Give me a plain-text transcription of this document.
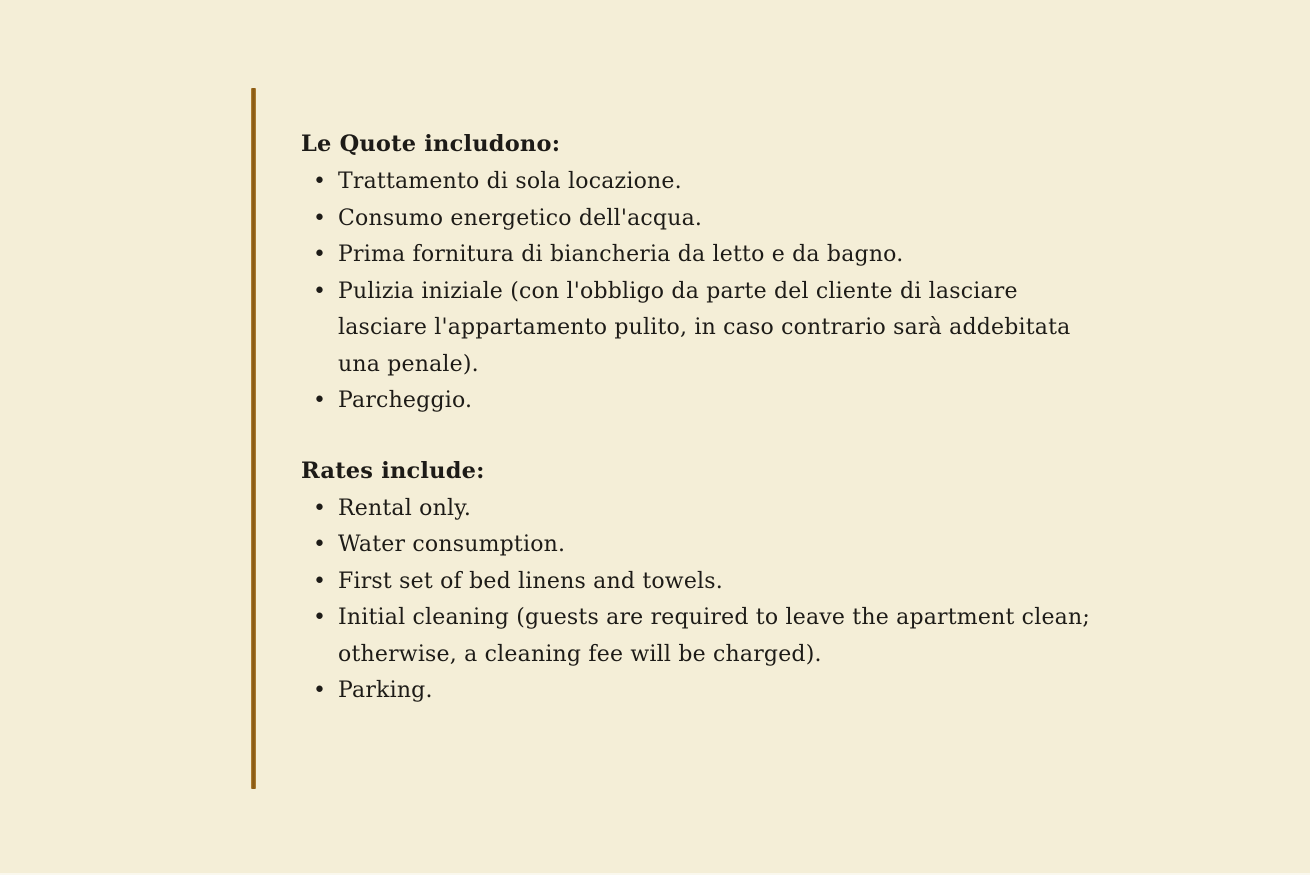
Le Quote includono:
• Trattamento di sola locazione.
• Consumo energetico dell'acqua.
• Prima fornitura di biancheria da letto e da bagno.
• Pulizia iniziale (con l'obbligo da parte del cliente di lasciare lasciare l'appartamento pulito, in caso contrario sarà addebitata una penale).
• Parcheggio.
Rates include:
• Rental only.
• Water consumption.
• First set of bed linens and towels.
• Initial cleaning (guests are required to leave the apartment clean; otherwise, a cleaning fee will be charged).
• Parking.
